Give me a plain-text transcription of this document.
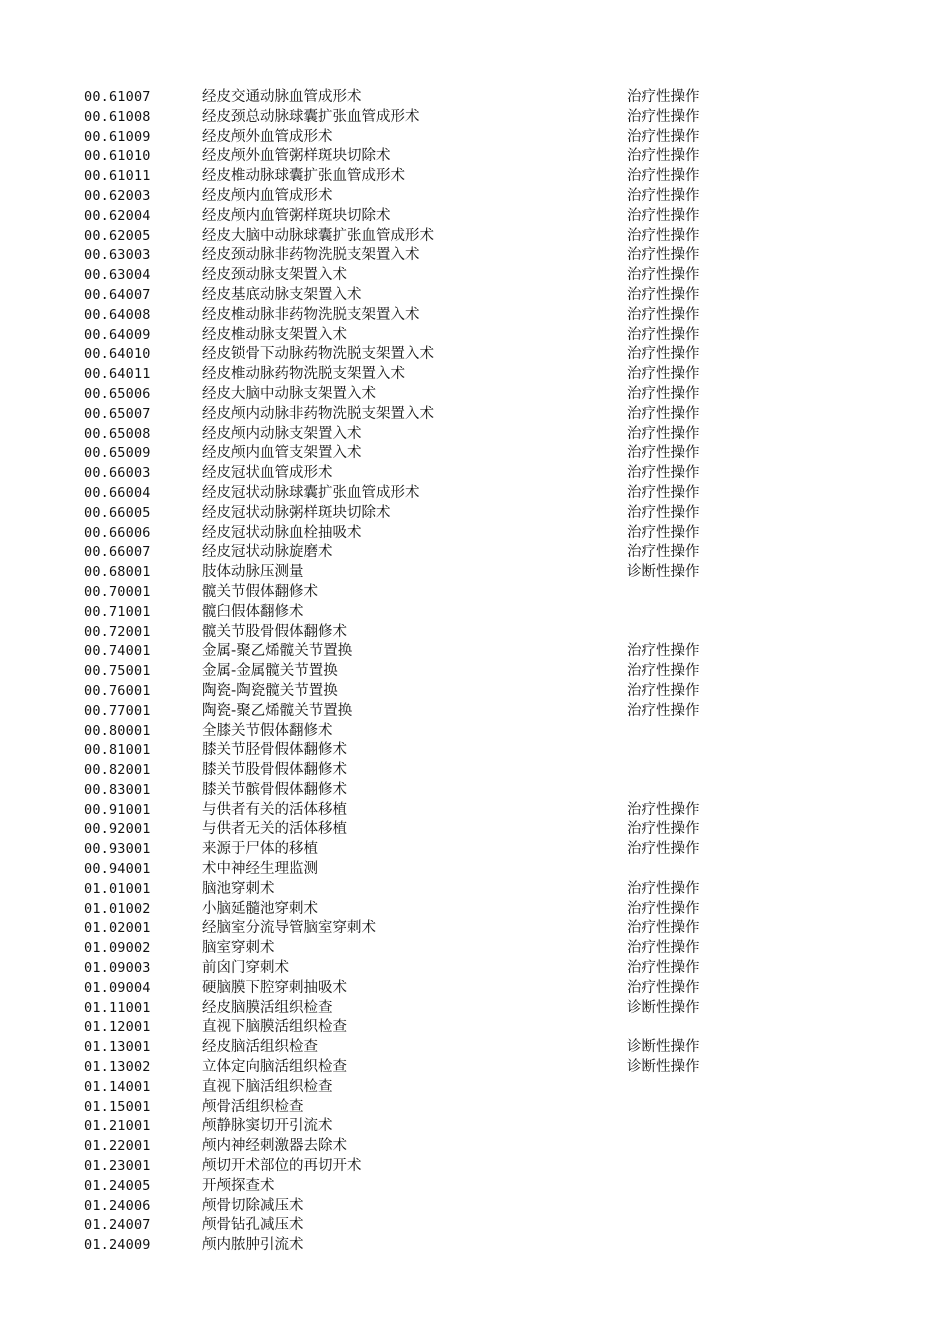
00.61007	经皮交通动脉血管成形术	治疗性操作
00.61008	经皮颈总动脉球囊扩张血管成形术	治疗性操作
00.61009	经皮颅外血管成形术	治疗性操作
00.61010	经皮颅外血管粥样斑块切除术	治疗性操作
00.61011	经皮椎动脉球囊扩张血管成形术	治疗性操作
00.62003	经皮颅内血管成形术	治疗性操作
00.62004	经皮颅内血管粥样斑块切除术	治疗性操作
00.62005	经皮大脑中动脉球囊扩张血管成形术	治疗性操作
00.63003	经皮颈动脉非药物洗脱支架置入术	治疗性操作
00.63004	经皮颈动脉支架置入术	治疗性操作
00.64007	经皮基底动脉支架置入术	治疗性操作
00.64008	经皮椎动脉非药物洗脱支架置入术	治疗性操作
00.64009	经皮椎动脉支架置入术	治疗性操作
00.64010	经皮锁骨下动脉药物洗脱支架置入术	治疗性操作
00.64011	经皮椎动脉药物洗脱支架置入术	治疗性操作
00.65006	经皮大脑中动脉支架置入术	治疗性操作
00.65007	经皮颅内动脉非药物洗脱支架置入术	治疗性操作
00.65008	经皮颅内动脉支架置入术	治疗性操作
00.65009	经皮颅内血管支架置入术	治疗性操作
00.66003	经皮冠状血管成形术	治疗性操作
00.66004	经皮冠状动脉球囊扩张血管成形术	治疗性操作
00.66005	经皮冠状动脉粥样斑块切除术	治疗性操作
00.66006	经皮冠状动脉血栓抽吸术	治疗性操作
00.66007	经皮冠状动脉旋磨术	治疗性操作
00.68001	肢体动脉压测量	诊断性操作
00.70001	髋关节假体翻修术
00.71001	髋臼假体翻修术
00.72001	髋关节股骨假体翻修术
00.74001	金属-聚乙烯髋关节置换	治疗性操作
00.75001	金属-金属髋关节置换	治疗性操作
00.76001	陶瓷-陶瓷髋关节置换	治疗性操作
00.77001	陶瓷-聚乙烯髋关节置换	治疗性操作
00.80001	全膝关节假体翻修术
00.81001	膝关节胫骨假体翻修术
00.82001	膝关节股骨假体翻修术
00.83001	膝关节髌骨假体翻修术
00.91001	与供者有关的活体移植	治疗性操作
00.92001	与供者无关的活体移植	治疗性操作
00.93001	来源于尸体的移植	治疗性操作
00.94001	术中神经生理监测
01.01001	脑池穿刺术	治疗性操作
01.01002	小脑延髓池穿刺术	治疗性操作
01.02001	经脑室分流导管脑室穿刺术	治疗性操作
01.09002	脑室穿刺术	治疗性操作
01.09003	前囟门穿刺术	治疗性操作
01.09004	硬脑膜下腔穿刺抽吸术	治疗性操作
01.11001	经皮脑膜活组织检查	诊断性操作
01.12001	直视下脑膜活组织检查
01.13001	经皮脑活组织检查	诊断性操作
01.13002	立体定向脑活组织检查	诊断性操作
01.14001	直视下脑活组织检查
01.15001	颅骨活组织检查
01.21001	颅静脉窦切开引流术
01.22001	颅内神经刺激器去除术
01.23001	颅切开术部位的再切开术
01.24005	开颅探查术
01.24006	颅骨切除减压术
01.24007	颅骨钻孔减压术
01.24009	颅内脓肿引流术
